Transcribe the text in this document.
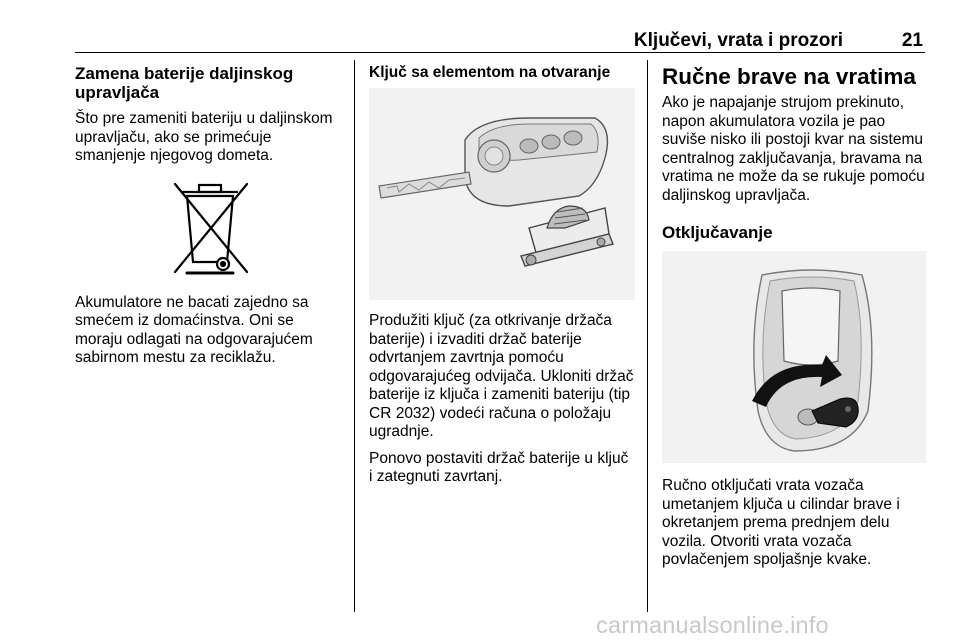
Ključevi, vrata i prozori	21
Zamena baterije daljinskog upravljača

Što pre zameniti bateriju u daljinskom upravljaču, ako se primećuje smanjenje njegovog dometa.

Akumulatore ne bacati zajedno sa smećem iz domaćinstva. Oni se moraju odlagati na odgovarajućem sabirnom mestu za reciklažu.

Ključ sa elementom na otvaranje

Produžiti ključ (za otkrivanje držača baterije) i izvaditi držač baterije odvrtanjem zavrtnja pomoću odgovarajućeg odvijača. Ukloniti držač baterije iz ključa i zameniti bateriju (tip CR 2032) vodeći računa o položaju ugradnje.

Ponovo postaviti držač baterije u ključ i zategnuti zavrtanj.

Ručne brave na vratima

Ako je napajanje strujom prekinuto, napon akumulatora vozila je pao suviše nisko ili postoji kvar na sistemu centralnog zaključavanja, bravama na vratima ne može da se rukuje pomoću daljinskog upravljača.

Otključavanje

Ručno otključati vrata vozača umetanjem ključa u cilindar brave i okretanjem prema prednjem delu vozila. Otvoriti vrata vozača povlačenjem spoljašnje kvake.

carmanualsonline.info
